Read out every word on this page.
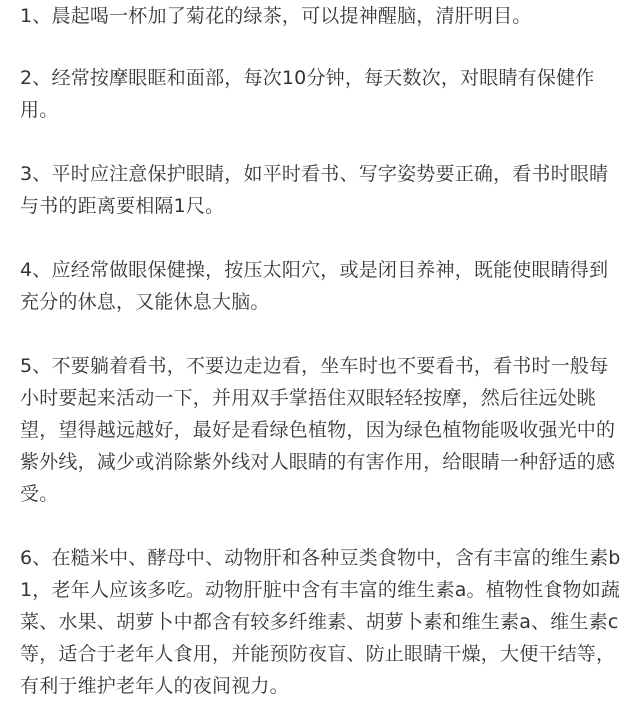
1、晨起喝一杯加了菊花的绿茶，可以提神醒脑，清肝明目。

2、经常按摩眼眶和面部，每次10分钟，每天数次，对眼睛有保健作用。

3、平时应注意保护眼睛，如平时看书、写字姿势要正确，看书时眼睛与书的距离要相隔1尺。

4、应经常做眼保健操，按压太阳穴，或是闭目养神，既能使眼睛得到充分的休息，又能休息大脑。

5、不要躺着看书，不要边走边看，坐车时也不要看书，看书时一般每小时要起来活动一下，并用双手掌捂住双眼轻轻按摩，然后往远处眺望，望得越远越好，最好是看绿色植物，因为绿色植物能吸收强光中的紫外线，减少或消除紫外线对人眼睛的有害作用，给眼睛一种舒适的感受。

6、在糙米中、酵母中、动物肝和各种豆类食物中，含有丰富的维生素b1，老年人应该多吃。动物肝脏中含有丰富的维生素a。植物性食物如蔬菜、水果、胡萝卜中都含有较多纤维素、胡萝卜素和维生素a、维生素c等，适合于老年人食用，并能预防夜盲、防止眼睛干燥，大便干结等，有利于维护老年人的夜间视力。
